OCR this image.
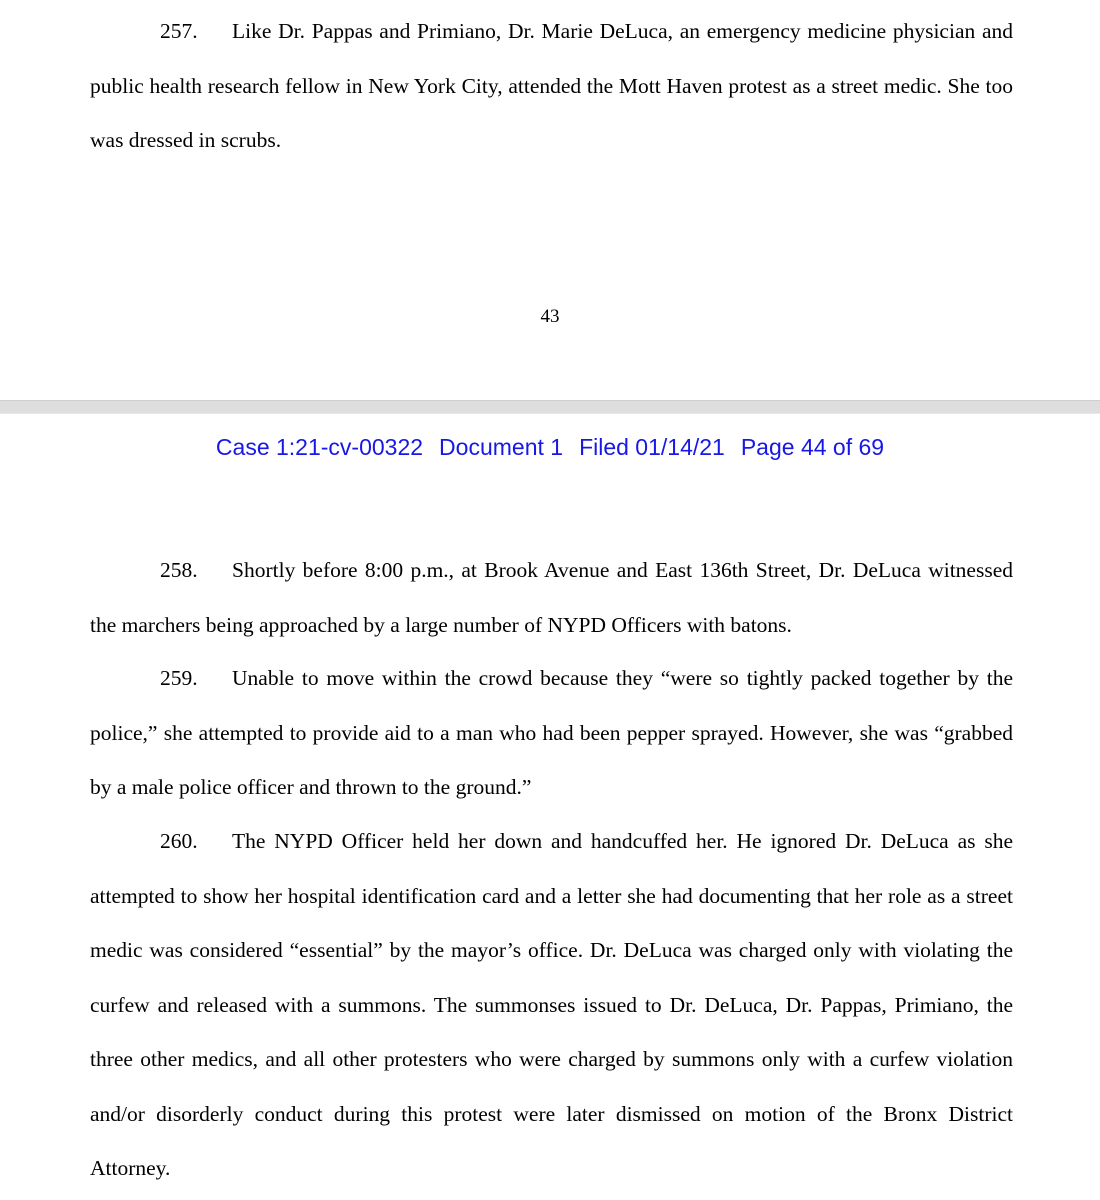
257. Like Dr. Pappas and Primiano, Dr. Marie DeLuca, an emergency medicine physician and public health research fellow in New York City, attended the Mott Haven protest as a street medic. She too was dressed in scrubs.

43
Case 1:21-cv-00322 Document 1 Filed 01/14/21 Page 44 of 69

258. Shortly before 8:00 p.m., at Brook Avenue and East 136th Street, Dr. DeLuca witnessed the marchers being approached by a large number of NYPD Officers with batons.

259. Unable to move within the crowd because they “were so tightly packed together by the police,” she attempted to provide aid to a man who had been pepper sprayed. However, she was “grabbed by a male police officer and thrown to the ground.”

260. The NYPD Officer held her down and handcuffed her. He ignored Dr. DeLuca as she attempted to show her hospital identification card and a letter she had documenting that her role as a street medic was considered “essential” by the mayor’s office. Dr. DeLuca was charged only with violating the curfew and released with a summons. The summonses issued to Dr. DeLuca, Dr. Pappas, Primiano, the three other medics, and all other protesters who were charged by summons only with a curfew violation and/or disorderly conduct during this protest were later dismissed on motion of the Bronx District Attorney.
